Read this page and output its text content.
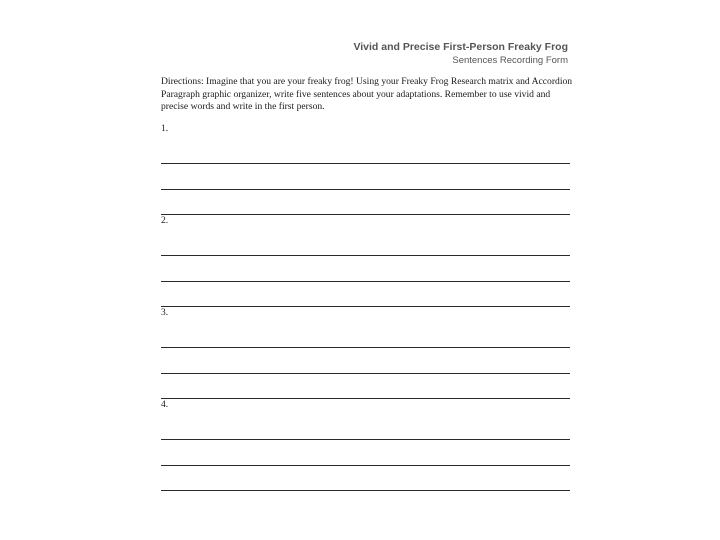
Vivid and Precise First-Person Freaky Frog
Sentences Recording Form
Directions: Imagine that you are your freaky frog! Using your Freaky Frog Research matrix and Accordion Paragraph graphic organizer, write five sentences about your adaptations. Remember to use vivid and precise words and write in the first person.
1.
2.
3.
4.
